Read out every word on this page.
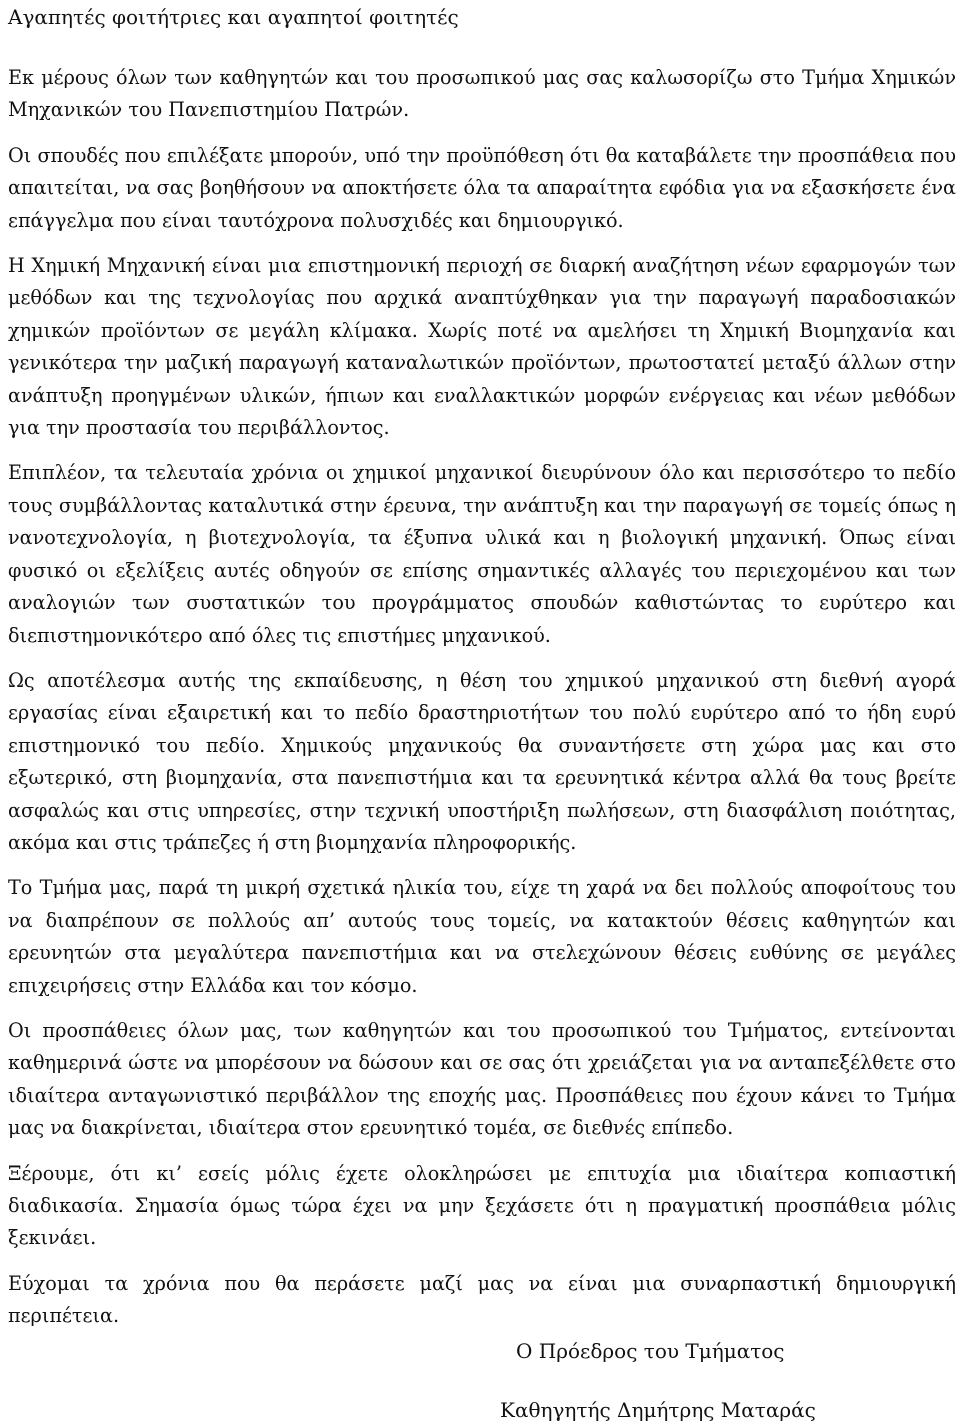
Αγαπητές φοιτήτριες και αγαπητοί φοιτητές

Εκ μέρους όλων των καθηγητών και του προσωπικού μας σας καλωσορίζω στο Τμήμα Χημικών Μηχανικών του Πανεπιστημίου Πατρών.

Οι σπουδές που επιλέξατε μπορούν, υπό την προϋπόθεση ότι θα καταβάλετε την προσπάθεια που απαιτείται, να σας βοηθήσουν να αποκτήσετε όλα τα απαραίτητα εφόδια για να εξασκήσετε ένα επάγγελμα που είναι ταυτόχρονα πολυσχιδές και δημιουργικό.

Η Χημική Μηχανική είναι μια επιστημονική περιοχή σε διαρκή αναζήτηση νέων εφαρμογών των μεθόδων και της τεχνολογίας που αρχικά αναπτύχθηκαν για την παραγωγή παραδοσιακών χημικών προϊόντων σε μεγάλη κλίμακα. Χωρίς ποτέ να αμελήσει τη Χημική Βιομηχανία και γενικότερα την μαζική παραγωγή καταναλωτικών προϊόντων, πρωτοστατεί μεταξύ άλλων στην ανάπτυξη προηγμένων υλικών, ήπιων και εναλλακτικών μορφών ενέργειας και νέων μεθόδων για την προστασία του περιβάλλοντος.

Επιπλέον, τα τελευταία χρόνια οι χημικοί μηχανικοί διευρύνουν όλο και περισσότερο το πεδίο τους συμβάλλοντας καταλυτικά στην έρευνα, την ανάπτυξη και την παραγωγή σε τομείς όπως η νανοτεχνολογία, η βιοτεχνολογία, τα έξυπνα υλικά και η βιολογική μηχανική. Όπως είναι φυσικό οι εξελίξεις αυτές οδηγούν σε επίσης σημαντικές αλλαγές του περιεχομένου και των αναλογιών των συστατικών του προγράμματος σπουδών καθιστώντας το ευρύτερο και διεπιστημονικότερο από όλες τις επιστήμες μηχανικού.

Ως αποτέλεσμα αυτής της εκπαίδευσης, η θέση του χημικού μηχανικού στη διεθνή αγορά εργασίας είναι εξαιρετική και το πεδίο δραστηριοτήτων του πολύ ευρύτερο από το ήδη ευρύ επιστημονικό του πεδίο. Χημικούς μηχανικούς θα συναντήσετε στη χώρα μας και στο εξωτερικό, στη βιομηχανία, στα πανεπιστήμια και τα ερευνητικά κέντρα αλλά θα τους βρείτε ασφαλώς και στις υπηρεσίες, στην τεχνική υποστήριξη πωλήσεων, στη διασφάλιση ποιότητας, ακόμα και στις τράπεζες ή στη βιομηχανία πληροφορικής.

Το Τμήμα μας, παρά τη μικρή σχετικά ηλικία του, είχε τη χαρά να δει πολλούς αποφοίτους του να διαπρέπουν σε πολλούς απ’ αυτούς τους τομείς, να κατακτούν θέσεις καθηγητών και ερευνητών στα μεγαλύτερα πανεπιστήμια και να στελεχώνουν θέσεις ευθύνης σε μεγάλες επιχειρήσεις στην Ελλάδα και τον κόσμο.

Οι προσπάθειες όλων μας, των καθηγητών και του προσωπικού του Τμήματος, εντείνονται καθημερινά ώστε να μπορέσουν να δώσουν και σε σας ότι χρειάζεται για να ανταπεξέλθετε στο ιδιαίτερα ανταγωνιστικό περιβάλλον της εποχής μας. Προσπάθειες που έχουν κάνει το Τμήμα μας να διακρίνεται, ιδιαίτερα στον ερευνητικό τομέα, σε διεθνές επίπεδο.

Ξέρουμε, ότι κι’ εσείς μόλις έχετε ολοκληρώσει με επιτυχία μια ιδιαίτερα κοπιαστική διαδικασία. Σημασία όμως τώρα έχει να μην ξεχάσετε ότι η πραγματική προσπάθεια μόλις ξεκινάει.

Εύχομαι τα χρόνια που θα περάσετε μαζί μας να είναι μια συναρπαστική δημιουργική περιπέτεια.

Ο Πρόεδρος του Τμήματος
Καθηγητής Δημήτρης Ματαράς
